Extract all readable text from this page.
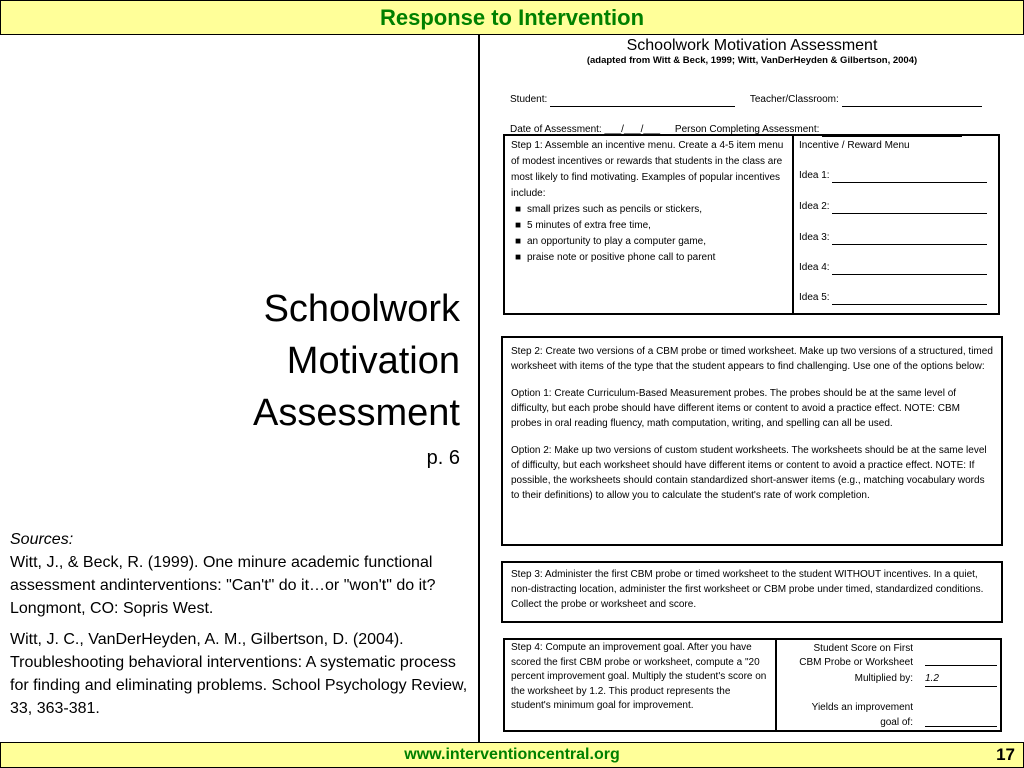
Response to Intervention
Schoolwork
Motivation
Assessment
p. 6
Sources:

Witt, J., & Beck, R. (1999). One minure academic functional assessment andinterventions: "Can't" do it…or "won't" do it? Longmont, CO: Sopris West.

Witt, J. C., VanDerHeyden, A. M., Gilbertson, D. (2004). Troubleshooting behavioral interventions: A systematic process for finding and eliminating problems. School Psychology Review, 33, 363-381.

Schoolwork Motivation Assessment
(adapted from Witt & Beck, 1999; Witt, VanDerHeyden & Gilbertson, 2004)
Student:	Teacher/Classroom:
Date of Assessment: ___/___/___ Person Completing Assessment:
Step 1: Assemble an incentive menu. Create a 4-5 item menu of modest incentives or rewards that students in the class are most likely to find motivating. Examples of popular incentives include:
■ small prizes such as pencils or stickers,
■ 5 minutes of extra free time,
■ an opportunity to play a computer game,
■ praise note or positive phone call to parent
Incentive / Reward Menu
Idea 1:
Idea 2:
Idea 3:
Idea 4:
Idea 5:

Step 2: Create two versions of a CBM probe or timed worksheet. Make up two versions of a structured, timed worksheet with items of the type that the student appears to find challenging. Use one of the options below:

Option 1: Create Curriculum-Based Measurement probes. The probes should be at the same level of difficulty, but each probe should have different items or content to avoid a practice effect. NOTE: CBM probes in oral reading fluency, math computation, writing, and spelling can all be used.

Option 2: Make up two versions of custom student worksheets. The worksheets should be at the same level of difficulty, but each worksheet should have different items or content to avoid a practice effect. NOTE: If possible, the worksheets should contain standardized short-answer items (e.g., matching vocabulary words to their definitions) to allow you to calculate the student's rate of work completion.

Step 3: Administer the first CBM probe or timed worksheet to the student WITHOUT incentives. In a quiet, non-distracting location, administer the first worksheet or CBM probe under timed, standardized conditions. Collect the probe or worksheet and score.

Step 4: Compute an improvement goal. After you have scored the first CBM probe or worksheet, compute a "20 percent improvement goal. Multiply the student's score on the worksheet by 1.2. This product represents the student's minimum goal for improvement.
Student Score on First
CBM Probe or Worksheet
Multiplied by: 1.2
Yields an improvement
goal of:
www.interventioncentral.org	17
